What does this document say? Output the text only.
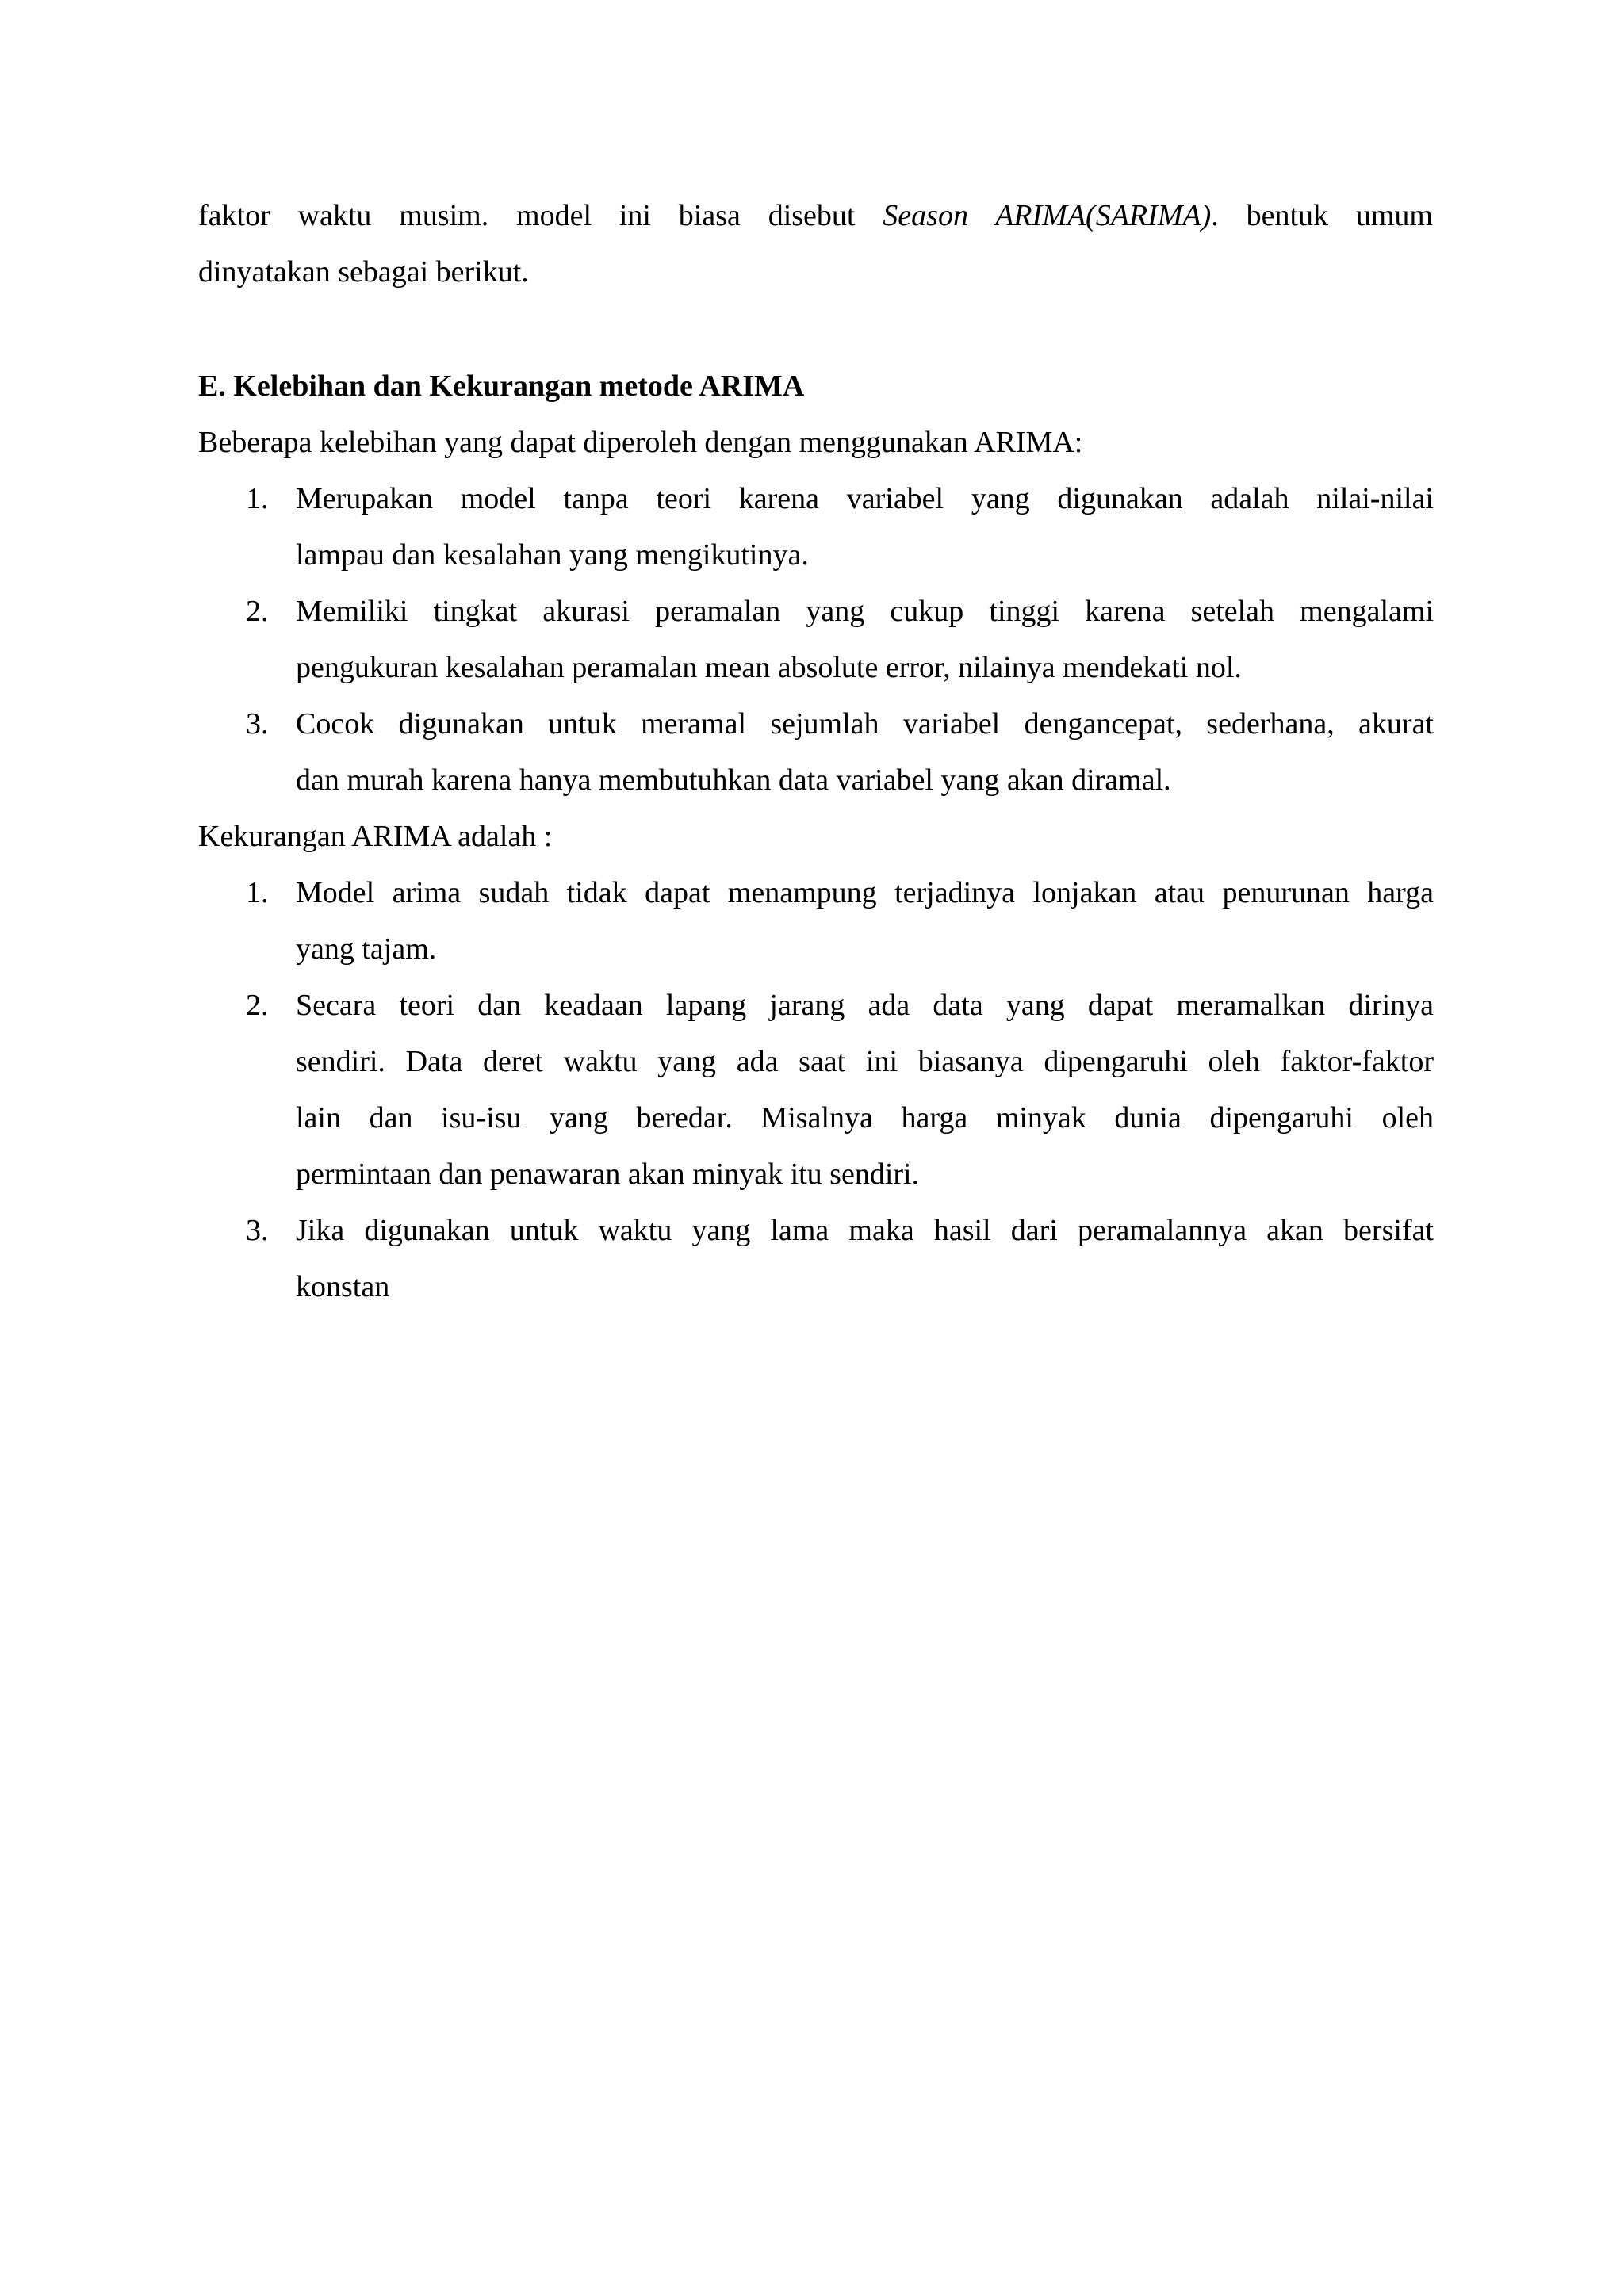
faktor waktu musim. model ini biasa disebut Season ARIMA(SARIMA). bentuk umum
dinyatakan sebagai berikut.
E. Kelebihan dan Kekurangan metode ARIMA
Beberapa kelebihan yang dapat diperoleh dengan menggunakan ARIMA:
1. Merupakan model tanpa teori karena variabel yang digunakan adalah nilai-nilai
lampau dan kesalahan yang mengikutinya.
2. Memiliki tingkat akurasi peramalan yang cukup tinggi karena setelah mengalami
pengukuran kesalahan peramalan mean absolute error, nilainya mendekati nol.
3. Cocok digunakan untuk meramal sejumlah variabel dengancepat, sederhana, akurat
dan murah karena hanya membutuhkan data variabel yang akan diramal.
Kekurangan ARIMA adalah :
1. Model arima sudah tidak dapat menampung terjadinya lonjakan atau penurunan harga
yang tajam.
2. Secara teori dan keadaan lapang jarang ada data yang dapat meramalkan dirinya
sendiri. Data deret waktu yang ada saat ini biasanya dipengaruhi oleh faktor-faktor
lain dan isu-isu yang beredar. Misalnya harga minyak dunia dipengaruhi oleh
permintaan dan penawaran akan minyak itu sendiri.
3. Jika digunakan untuk waktu yang lama maka hasil dari peramalannya akan bersifat
konstan
